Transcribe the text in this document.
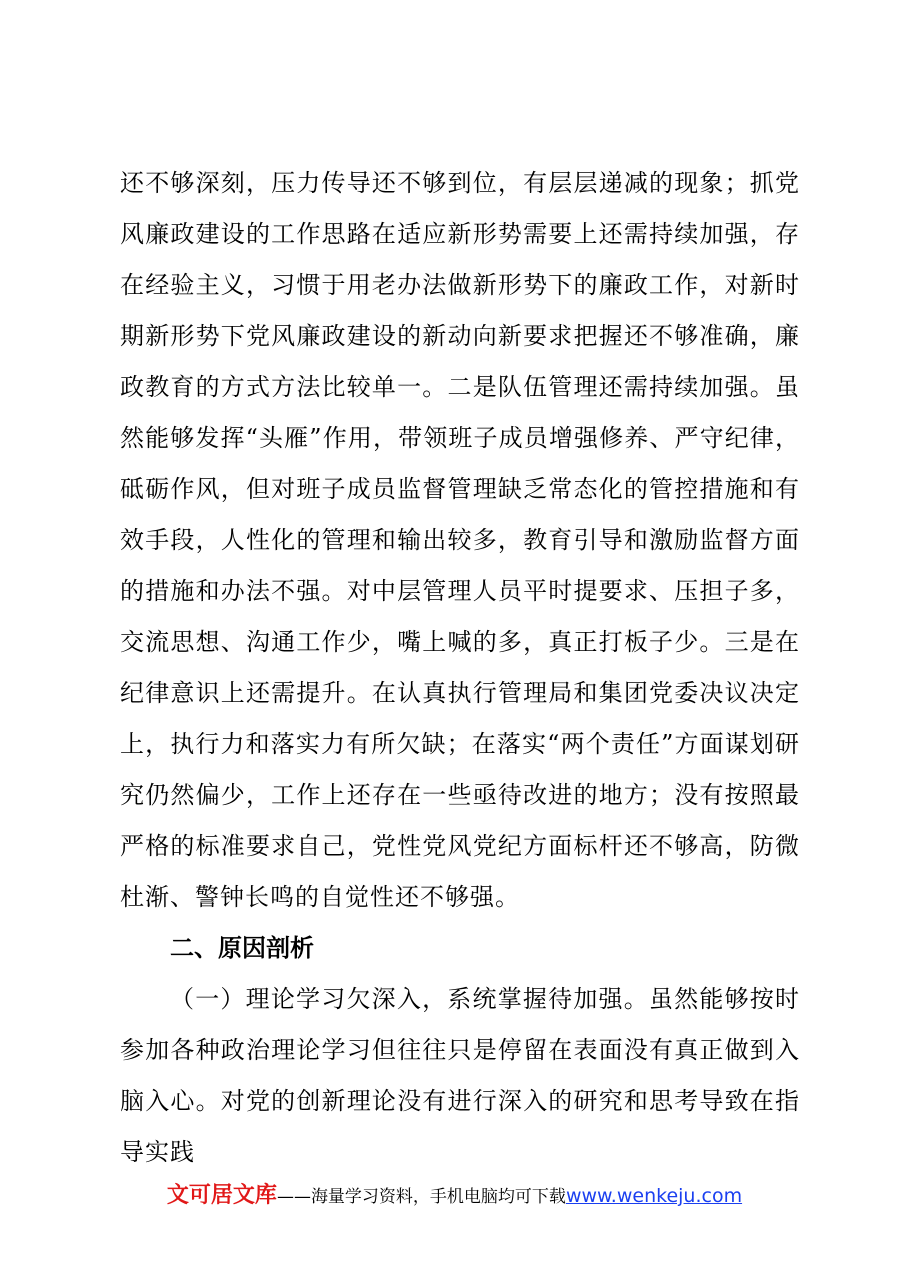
还不够深刻，压力传导还不够到位，有层层递减的现象；抓党风廉政建设的工作思路在适应新形势需要上还需持续加强，存在经验主义，习惯于用老办法做新形势下的廉政工作，对新时期新形势下党风廉政建设的新动向新要求把握还不够准确，廉政教育的方式方法比较单一。二是队伍管理还需持续加强。虽然能够发挥“头雁”作用，带领班子成员增强修养、严守纪律，砥砺作风，但对班子成员监督管理缺乏常态化的管控措施和有效手段，人性化的管理和输出较多，教育引导和激励监督方面的措施和办法不强。对中层管理人员平时提要求、压担子多，交流思想、沟通工作少，嘴上喊的多，真正打板子少。三是在纪律意识上还需提升。在认真执行管理局和集团党委决议决定上，执行力和落实力有所欠缺；在落实“两个责任”方面谋划研究仍然偏少，工作上还存在一些亟待改进的地方；没有按照最严格的标准要求自己，党性党风党纪方面标杆还不够高，防微杜渐、警钟长鸣的自觉性还不够强。

二、原因剖析

（一）理论学习欠深入，系统掌握待加强。虽然能够按时参加各种政治理论学习但往往只是停留在表面没有真正做到入脑入心。对党的创新理论没有进行深入的研究和思考导致在指导实践

文可居文库——海量学习资料，手机电脑均可下载www.wenkeju.com
